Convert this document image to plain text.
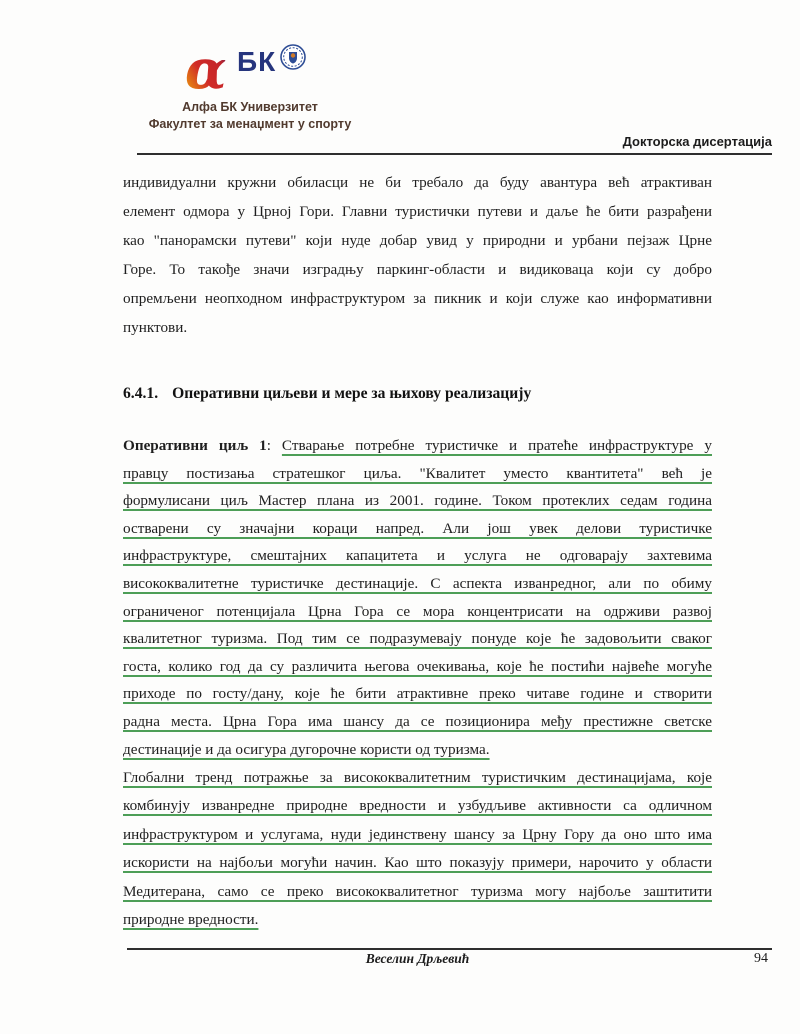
α БК
Алфа БК Универзитет
Факултет за менаџмент у спорту
Докторска дисертација
индивидуални кружни обиласци не би требало да буду авантура већ атрактиван
елемент одмора у Црној Гори. Главни туристички путеви и даље ће бити разрађени
као "панорамски путеви" који нуде добар увид у природни и урбани пејзаж Црне
Горе. То такође значи изградњу паркинг-области и видиковаца који су добро
опремљени неопходном инфраструктуром за пикник и који служе као информативни
пунктови.
6.4.1. Оперативни циљеви и мере за њихову реализацију
Оперативни циљ 1: Стварање потребне туристичке и пратеће инфраструктуре у
правцу постизања стратешког циља. "Квалитет уместо квантитета" већ је
формулисани циљ Мастер плана из 2001. године. Током протеклих седам година
остварени су значајни кораци напред. Али још увек делови туристичке
инфраструктуре, смештајних капацитета и услуга не одговарају захтевима
висококвалитетне туристичке дестинације. С аспекта изванредног, али по обиму
ограниченог потенцијала Црна Гора се мора концентрисати на одрживи развој
квалитетног туризма. Под тим се подразумевају понуде које ће задовољити сваког
госта, колико год да су различита његова очекивања, које ће постићи највеће могуће
приходе по госту/дану, које ће бити атрактивне преко читаве године и створити
радна места. Црна Гора има шансу да се позиционира међу престижне светске
дестинације и да осигура дугорочне користи од туризма.
Глобални тренд потражње за висококвалитетним туристичким дестинацијама, које
комбинују изванредне природне вредности и узбудљиве активности са одличном
инфраструктуром и услугама, нуди јединствену шансу за Црну Гору да оно што има
искористи на најбољи могући начин. Као што показују примери, нарочито у области
Медитерана, само се преко висококвалитетног туризма могу најбоље заштитити
природне вредности.
Веселин Дрљевић	94
